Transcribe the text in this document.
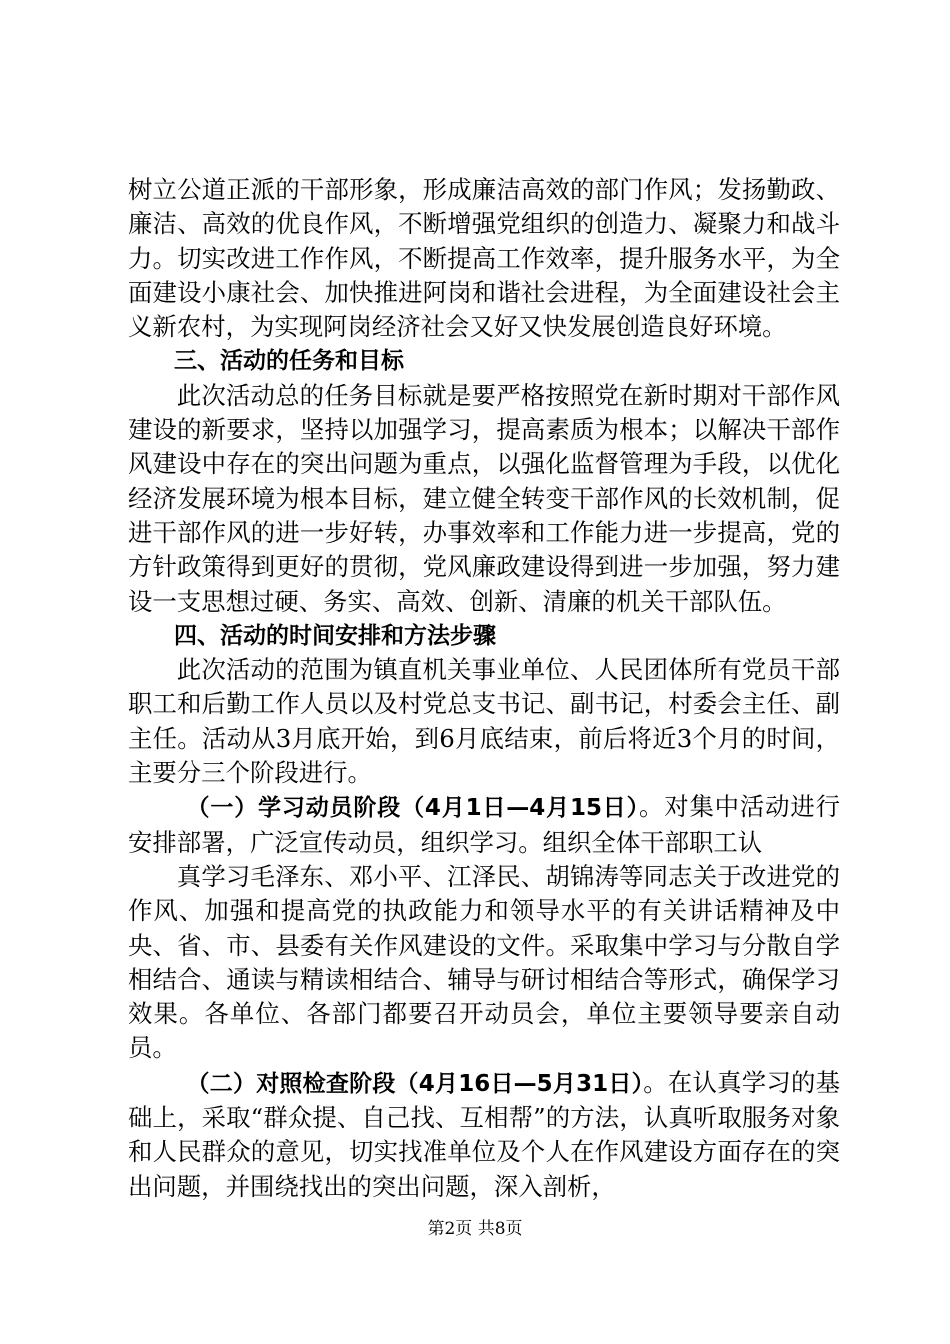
树立公道正派的干部形象，形成廉洁高效的部门作风；发扬勤政、廉洁、高效的优良作风，不断增强党组织的创造力、凝聚力和战斗力。切实改进工作作风，不断提高工作效率，提升服务水平，为全面建设小康社会、加快推进阿岗和谐社会进程，为全面建设社会主义新农村，为实现阿岗经济社会又好又快发展创造良好环境。

三、活动的任务和目标

此次活动总的任务目标就是要严格按照党在新时期对干部作风建设的新要求，坚持以加强学习，提高素质为根本；以解决干部作风建设中存在的突出问题为重点，以强化监督管理为手段，以优化经济发展环境为根本目标，建立健全转变干部作风的长效机制，促进干部作风的进一步好转，办事效率和工作能力进一步提高，党的方针政策得到更好的贯彻，党风廉政建设得到进一步加强，努力建设一支思想过硬、务实、高效、创新、清廉的机关干部队伍。

四、活动的时间安排和方法步骤

此次活动的范围为镇直机关事业单位、人民团体所有党员干部职工和后勤工作人员以及村党总支书记、副书记，村委会主任、副主任。活动从3月底开始，到6月底结束，前后将近3个月的时间，主要分三个阶段进行。

（一）学习动员阶段（4月1日—4月15日）。对集中活动进行安排部署，广泛宣传动员，组织学习。组织全体干部职工认

真学习毛泽东、邓小平、江泽民、胡锦涛等同志关于改进党的作风、加强和提高党的执政能力和领导水平的有关讲话精神及中央、省、市、县委有关作风建设的文件。采取集中学习与分散自学相结合、通读与精读相结合、辅导与研讨相结合等形式，确保学习效果。各单位、各部门都要召开动员会，单位主要领导要亲自动员。

（二）对照检查阶段（4月16日—5月31日）。在认真学习的基础上，采取“群众提、自己找、互相帮”的方法，认真听取服务对象和人民群众的意见，切实找准单位及个人在作风建设方面存在的突出问题，并围绕找出的突出问题，深入剖析，

第2页 共8页
